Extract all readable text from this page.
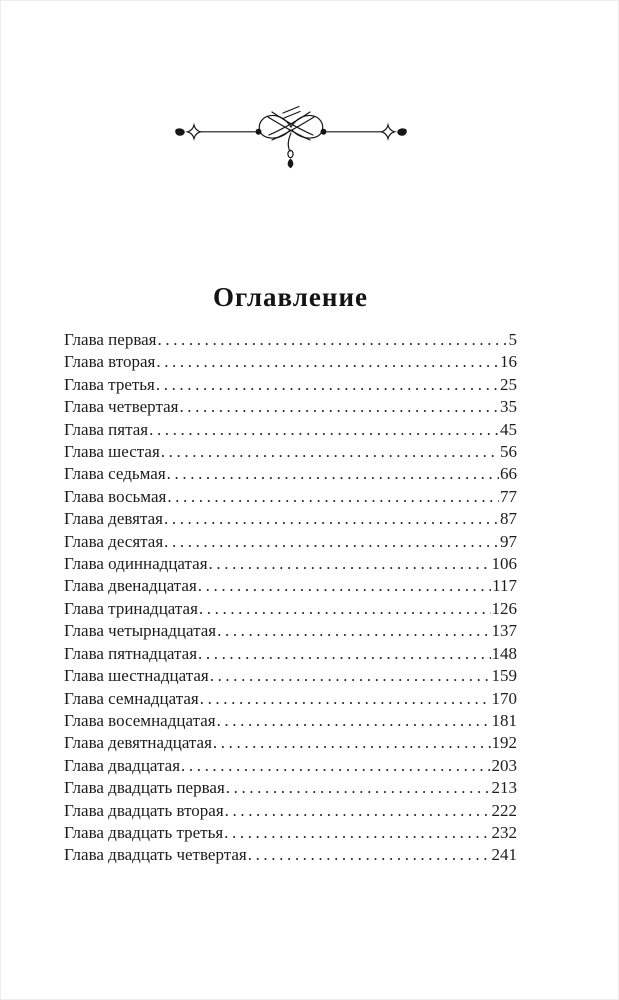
Оглавление
Глава первая .....	5
Глава вторая .....	16
Глава третья .....	25
Глава четвертая .....	35
Глава пятая .....	45
Глава шестая .....	56
Глава седьмая .....	66
Глава восьмая .....	77
Глава девятая .....	87
Глава десятая .....	97
Глава одиннадцатая .....	106
Глава двенадцатая .....	117
Глава тринадцатая .....	126
Глава четырнадцатая .....	137
Глава пятнадцатая .....	148
Глава шестнадцатая .....	159
Глава семнадцатая .....	170
Глава восемнадцатая .....	181
Глава девятнадцатая .....	192
Глава двадцатая .....	203
Глава двадцать первая .....	213
Глава двадцать вторая .....	222
Глава двадцать третья .....	232
Глава двадцать четвертая .....	241
